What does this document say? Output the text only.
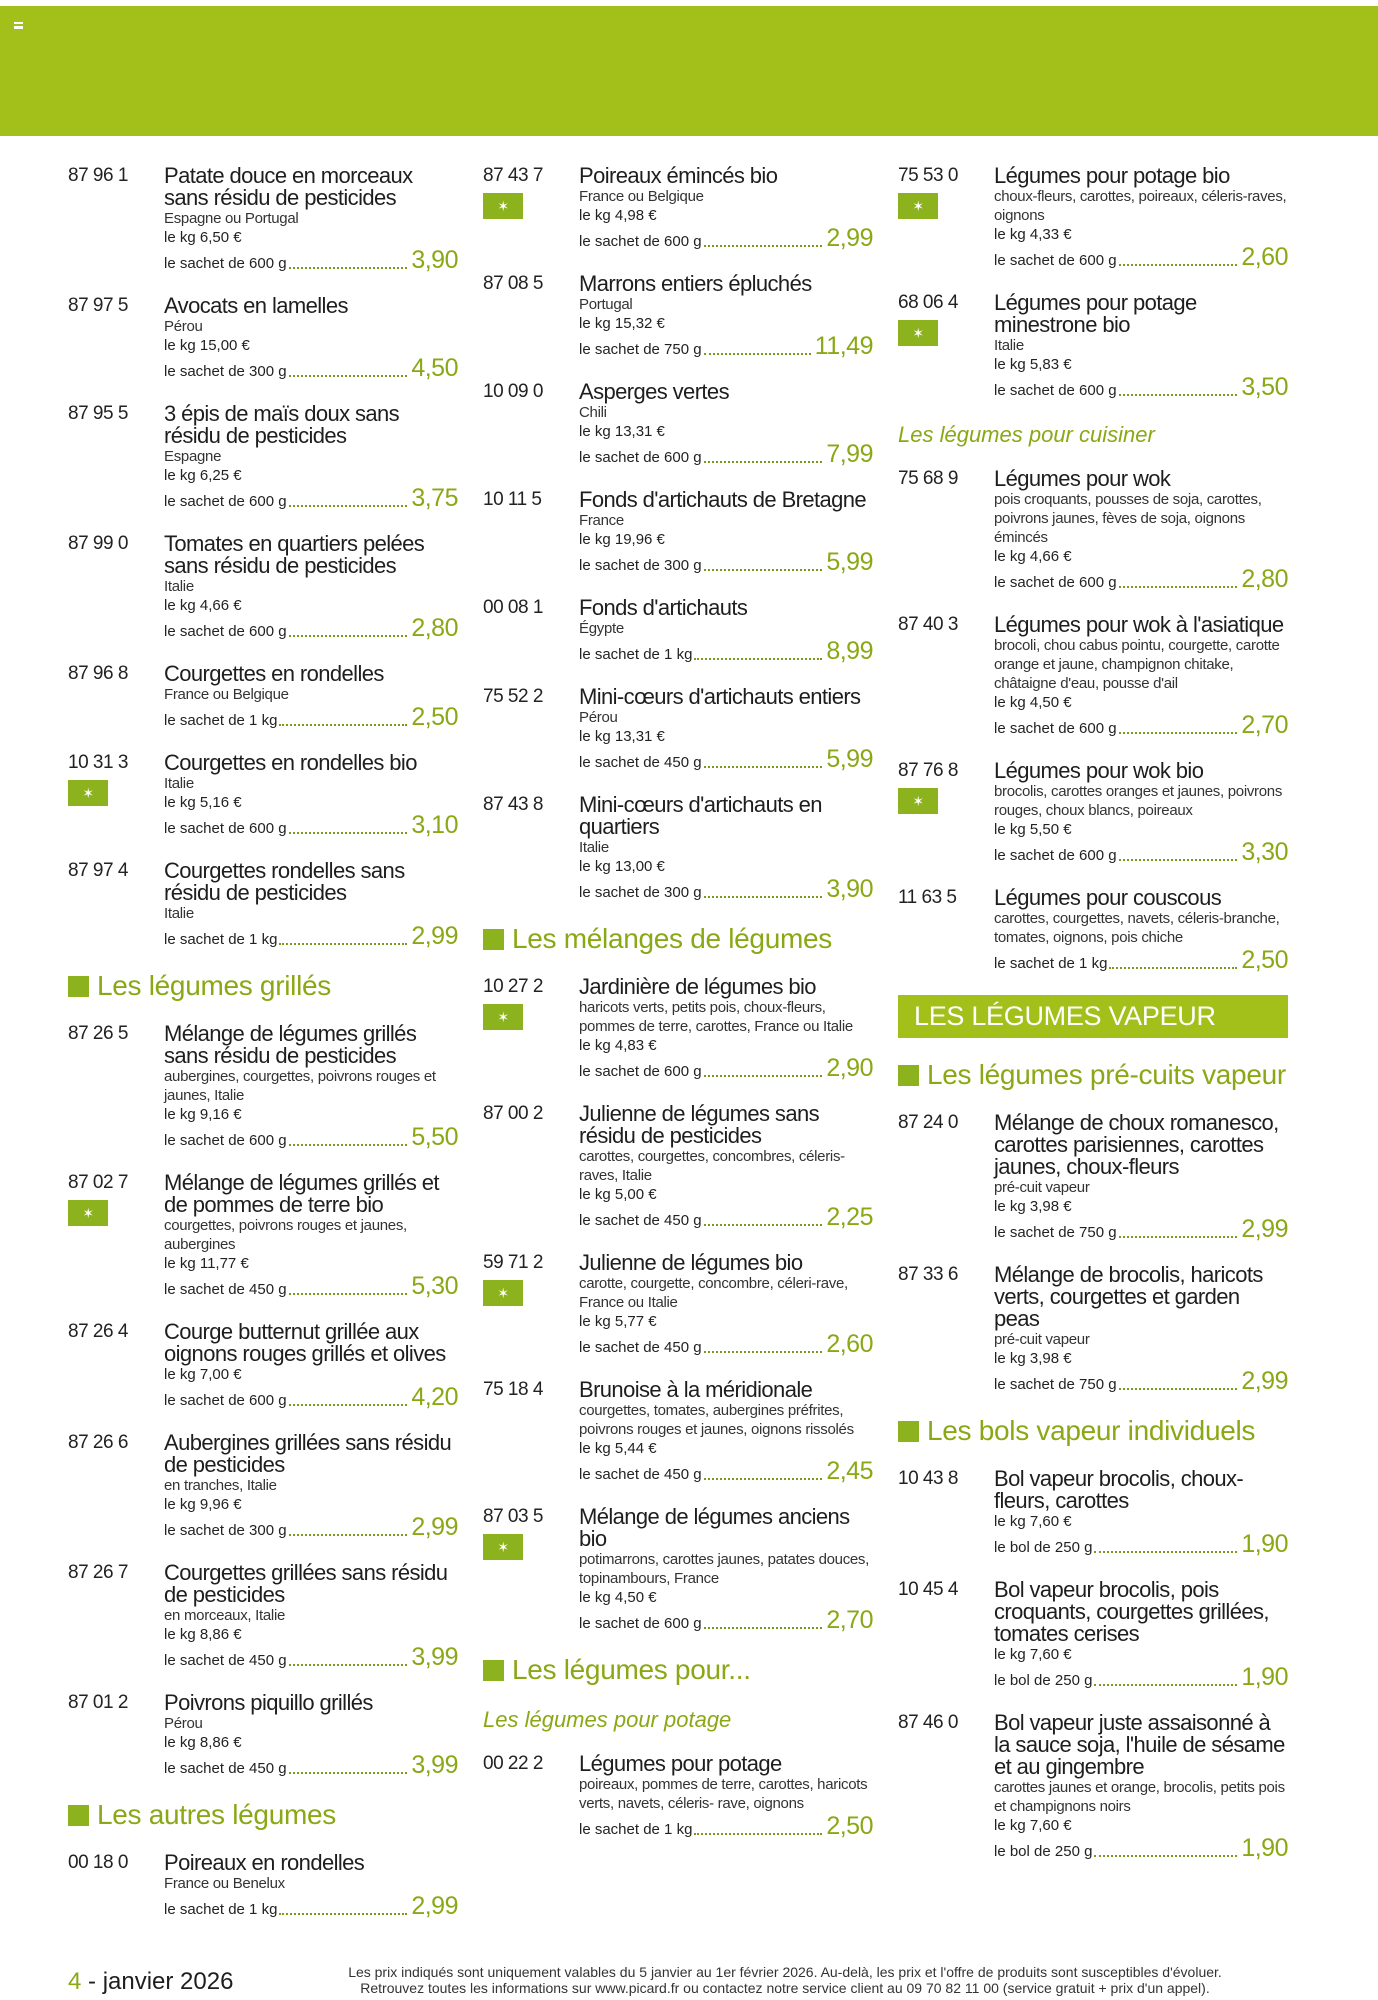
87 96 1	Patate douce en morceaux sans résidu de pesticides
Espagne ou Portugal
le kg 6,50 €
le sachet de 600 g	3,90
87 97 5	Avocats en lamelles
Pérou
le kg 15,00 €
le sachet de 300 g	4,50
87 95 5	3 épis de maïs doux sans résidu de pesticides
Espagne
le kg 6,25 €
le sachet de 600 g	3,75
87 99 0	Tomates en quartiers pelées sans résidu de pesticides
Italie
le kg 4,66 €
le sachet de 600 g	2,80
87 96 8	Courgettes en rondelles
France ou Belgique
le sachet de 1 kg	2,50
10 31 3
✶	Courgettes en rondelles bio
Italie
le kg 5,16 €
le sachet de 600 g	3,10
87 97 4	Courgettes rondelles sans résidu de pesticides
Italie
le sachet de 1 kg	2,99
Les légumes grillés
87 26 5	Mélange de légumes grillés sans résidu de pesticides
aubergines, courgettes, poivrons rouges et jaunes, Italie
le kg 9,16 €
le sachet de 600 g	5,50
87 02 7
✶	Mélange de légumes grillés et de pommes de terre bio
courgettes, poivrons rouges et jaunes, aubergines
le kg 11,77 €
le sachet de 450 g	5,30
87 26 4	Courge butternut grillée aux oignons rouges grillés et olives
le kg 7,00 €
le sachet de 600 g	4,20
87 26 6	Aubergines grillées sans résidu de pesticides
en tranches, Italie
le kg 9,96 €
le sachet de 300 g	2,99
87 26 7	Courgettes grillées sans résidu de pesticides
en morceaux, Italie
le kg 8,86 €
le sachet de 450 g	3,99
87 01 2	Poivrons piquillo grillés
Pérou
le kg 8,86 €
le sachet de 450 g	3,99
Les autres légumes
00 18 0	Poireaux en rondelles
France ou Benelux
le sachet de 1 kg	2,99
87 43 7
✶	Poireaux émincés bio
France ou Belgique
le kg 4,98 €
le sachet de 600 g	2,99
87 08 5	Marrons entiers épluchés
Portugal
le kg 15,32 €
le sachet de 750 g	11,49
10 09 0	Asperges vertes
Chili
le kg 13,31 €
le sachet de 600 g	7,99
10 11 5	Fonds d'artichauts de Bretagne
France
le kg 19,96 €
le sachet de 300 g	5,99
00 08 1	Fonds d'artichauts
Égypte
le sachet de 1 kg	8,99
75 52 2	Mini-cœurs d'artichauts entiers
Pérou
le kg 13,31 €
le sachet de 450 g	5,99
87 43 8	Mini-cœurs d'artichauts en quartiers
Italie
le kg 13,00 €
le sachet de 300 g	3,90
Les mélanges de légumes
10 27 2
✶	Jardinière de légumes bio
haricots verts, petits pois, choux-fleurs, pommes de terre, carottes, France ou Italie
le kg 4,83 €
le sachet de 600 g	2,90
87 00 2	Julienne de légumes sans résidu de pesticides
carottes, courgettes, concombres, céleris-raves, Italie
le kg 5,00 €
le sachet de 450 g	2,25
59 71 2
✶	Julienne de légumes bio
carotte, courgette, concombre, céleri-rave, France ou Italie
le kg 5,77 €
le sachet de 450 g	2,60
75 18 4	Brunoise à la méridionale
courgettes, tomates, aubergines préfrites, poivrons rouges et jaunes, oignons rissolés
le kg 5,44 €
le sachet de 450 g	2,45
87 03 5
✶	Mélange de légumes anciens bio
potimarrons, carottes jaunes, patates douces, topinambours, France
le kg 4,50 €
le sachet de 600 g	2,70
Les légumes pour...
Les légumes pour potage
00 22 2	Légumes pour potage
poireaux, pommes de terre, carottes, haricots verts, navets, céleris- rave, oignons
le sachet de 1 kg	2,50
75 53 0
✶	Légumes pour potage bio
choux-fleurs, carottes, poireaux, céleris-raves, oignons
le kg 4,33 €
le sachet de 600 g	2,60
68 06 4
✶	Légumes pour potage minestrone bio
Italie
le kg 5,83 €
le sachet de 600 g	3,50
Les légumes pour cuisiner
75 68 9	Légumes pour wok
pois croquants, pousses de soja, carottes, poivrons jaunes, fèves de soja, oignons émincés
le kg 4,66 €
le sachet de 600 g	2,80
87 40 3	Légumes pour wok à l'asiatique
brocoli, chou cabus pointu, courgette, carotte orange et jaune, champignon chitake, châtaigne d'eau, pousse d'ail
le kg 4,50 €
le sachet de 600 g	2,70
87 76 8
✶	Légumes pour wok bio
brocolis, carottes oranges et jaunes, poivrons rouges, choux blancs, poireaux
le kg 5,50 €
le sachet de 600 g	3,30
11 63 5	Légumes pour couscous
carottes, courgettes, navets, céleris-branche, tomates, oignons, pois chiche
le sachet de 1 kg	2,50
LES LÉGUMES VAPEUR
Les légumes pré-cuits vapeur
87 24 0	Mélange de choux romanesco, carottes parisiennes, carottes jaunes, choux-fleurs
pré-cuit vapeur
le kg 3,98 €
le sachet de 750 g	2,99
87 33 6	Mélange de brocolis, haricots verts, courgettes et garden peas
pré-cuit vapeur
le kg 3,98 €
le sachet de 750 g	2,99
Les bols vapeur individuels
10 43 8	Bol vapeur brocolis, choux-fleurs, carottes
le kg 7,60 €
le bol de 250 g	1,90
10 45 4	Bol vapeur brocolis, pois croquants, courgettes grillées, tomates cerises
le kg 7,60 €
le bol de 250 g	1,90
87 46 0	Bol vapeur juste assaisonné à la sauce soja, l'huile de sésame et au gingembre
carottes jaunes et orange, brocolis, petits pois et champignons noirs
le kg 7,60 €
le bol de 250 g	1,90
4 - janvier 2026	Les prix indiqués sont uniquement valables du 5 janvier au 1er février 2026. Au-delà, les prix et l'offre de produits sont susceptibles d'évoluer.
Retrouvez toutes les informations sur www.picard.fr ou contactez notre service client au 09 70 82 11 00 (service gratuit + prix d'un appel).
